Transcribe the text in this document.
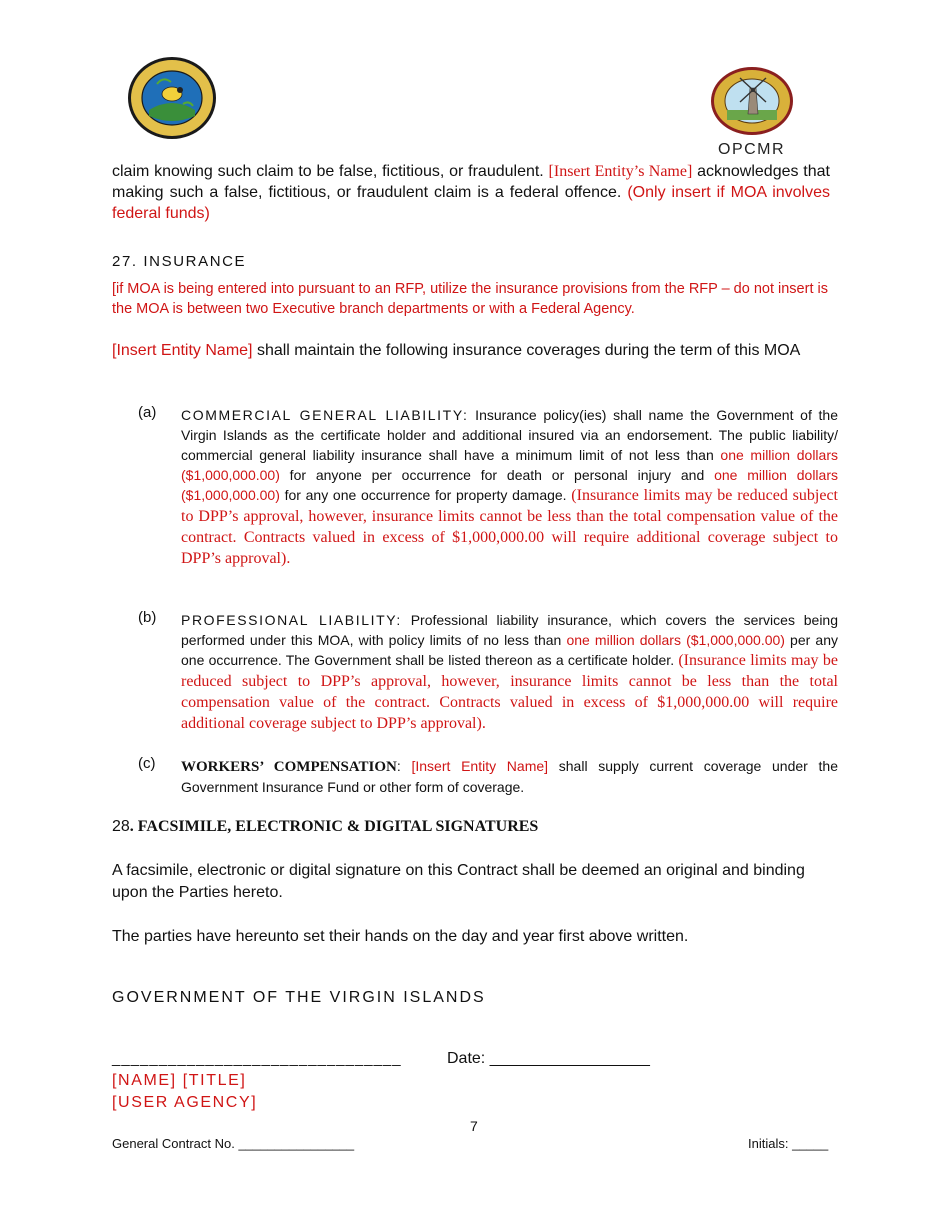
OPCMR
claim knowing such claim to be false, fictitious, or fraudulent. [Insert Entity’s Name] acknowledges that making such a false, fictitious, or fraudulent claim is a federal offence. (Only insert if MOA involves federal funds)
27. INSURANCE
[if MOA is being entered into pursuant to an RFP, utilize the insurance provisions from the RFP – do not insert is the MOA is between two Executive branch departments or with a Federal Agency.
[Insert Entity Name] shall maintain the following insurance coverages during the term of this MOA
(a) COMMERCIAL GENERAL LIABILITY: Insurance policy(ies) shall name the Government of the Virgin Islands as the certificate holder and additional insured via an endorsement. The public liability/ commercial general liability insurance shall have a minimum limit of not less than one million dollars ($1,000,000.00) for anyone per occurrence for death or personal injury and one million dollars ($1,000,000.00) for any one occurrence for property damage. (Insurance limits may be reduced subject to DPP’s approval, however, insurance limits cannot be less than the total compensation value of the contract. Contracts valued in excess of $1,000,000.00 will require additional coverage subject to DPP’s approval).
(b) PROFESSIONAL LIABILITY: Professional liability insurance, which covers the services being performed under this MOA, with policy limits of no less than one million dollars ($1,000,000.00) per any one occurrence. The Government shall be listed thereon as a certificate holder. (Insurance limits may be reduced subject to DPP’s approval, however, insurance limits cannot be less than the total compensation value of the contract. Contracts valued in excess of $1,000,000.00 will require additional coverage subject to DPP’s approval).
(c) WORKERS’ COMPENSATION: [Insert Entity Name] shall supply current coverage under the Government Insurance Fund or other form of coverage.
28. FACSIMILE, ELECTRONIC & DIGITAL SIGNATURES
A facsimile, electronic or digital signature on this Contract shall be deemed an original and binding upon the Parties hereto.
The parties have hereunto set their hands on the day and year first above written.
GOVERNMENT OF THE VIRGIN ISLANDS
_______________________________	Date: __________________
[NAME] [TITLE]
[USER AGENCY]
7
General Contract No. ________________	Initials: _____
